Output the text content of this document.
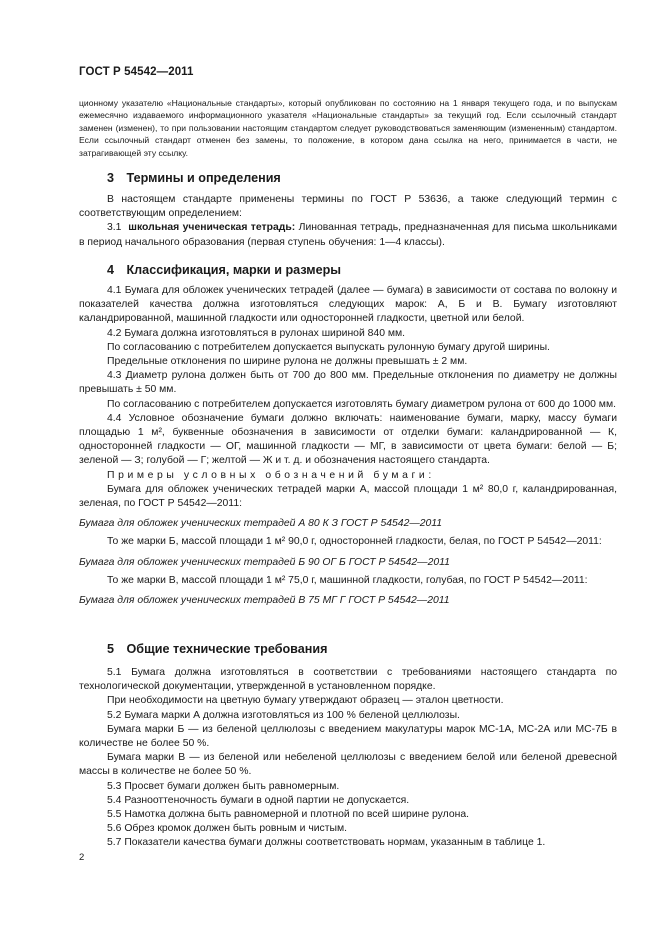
ГОСТ Р 54542—2011

ционному указателю «Национальные стандарты», который опубликован по состоянию на 1 января текущего года, и по выпускам ежемесячно издаваемого информационного указателя «Национальные стандарты» за текущий год. Если ссылочный стандарт заменен (изменен), то при пользовании настоящим стандартом следует руководствоваться заменяющим (измененным) стандартом. Если ссылочный стандарт отменен без замены, то положение, в котором дана ссылка на него, принимается в части, не затрагивающей эту ссылку.

3 Термины и определения

В настоящем стандарте применены термины по ГОСТ Р 53636, а также следующий термин с соответствующим определением:

3.1 школьная ученическая тетрадь: Линованная тетрадь, предназначенная для письма школьниками в период начального образования (первая ступень обучения: 1—4 классы).

4 Классификация, марки и размеры

4.1 Бумага для обложек ученических тетрадей (далее — бумага) в зависимости от состава по волокну и показателей качества должна изготовляться следующих марок: А, Б и В. Бумагу изготовляют каландрированной, машинной гладкости или односторонней гладкости, цветной или белой.

4.2 Бумага должна изготовляться в рулонах шириной 840 мм.

По согласованию с потребителем допускается выпускать рулонную бумагу другой ширины.

Предельные отклонения по ширине рулона не должны превышать ± 2 мм.

4.3 Диаметр рулона должен быть от 700 до 800 мм. Предельные отклонения по диаметру не должны превышать ± 50 мм.

По согласованию с потребителем допускается изготовлять бумагу диаметром рулона от 600 до 1000 мм.

4.4 Условное обозначение бумаги должно включать: наименование бумаги, марку, массу бумаги площадью 1 м², буквенные обозначения в зависимости от отделки бумаги: каландрированной — К, односторонней гладкости — ОГ, машинной гладкости — МГ, в зависимости от цвета бумаги: белой — Б; зеленой — З; голубой — Г; желтой — Ж и т. д. и обозначения настоящего стандарта.

Примеры условных обозначений бумаги:

Бумага для обложек ученических тетрадей марки А, массой площади 1 м² 80,0 г, каландрированная, зеленая, по ГОСТ Р 54542—2011:

Бумага для обложек ученических тетрадей А 80 К З ГОСТ Р 54542—2011

То же марки Б, массой площади 1 м² 90,0 г, односторонней гладкости, белая, по ГОСТ Р 54542—2011:

Бумага для обложек ученических тетрадей Б 90 ОГ Б ГОСТ Р 54542—2011

То же марки В, массой площади 1 м² 75,0 г, машинной гладкости, голубая, по ГОСТ Р 54542—2011:

Бумага для обложек ученических тетрадей В 75 МГ Г ГОСТ Р 54542—2011

5 Общие технические требования

5.1 Бумага должна изготовляться в соответствии с требованиями настоящего стандарта по технологической документации, утвержденной в установленном порядке.

При необходимости на цветную бумагу утверждают образец — эталон цветности.

5.2 Бумага марки А должна изготовляться из 100 % беленой целлюлозы.

Бумага марки Б — из беленой целлюлозы с введением макулатуры марок МС-1А, МС-2А или МС-7Б в количестве не более 50 %.

Бумага марки В — из беленой или небеленой целлюлозы с введением белой или беленой древесной массы в количестве не более 50 %.

5.3 Просвет бумаги должен быть равномерным.

5.4 Разнооттеночность бумаги в одной партии не допускается.

5.5 Намотка должна быть равномерной и плотной по всей ширине рулона.

5.6 Обрез кромок должен быть ровным и чистым.

5.7 Показатели качества бумаги должны соответствовать нормам, указанным в таблице 1.

2
